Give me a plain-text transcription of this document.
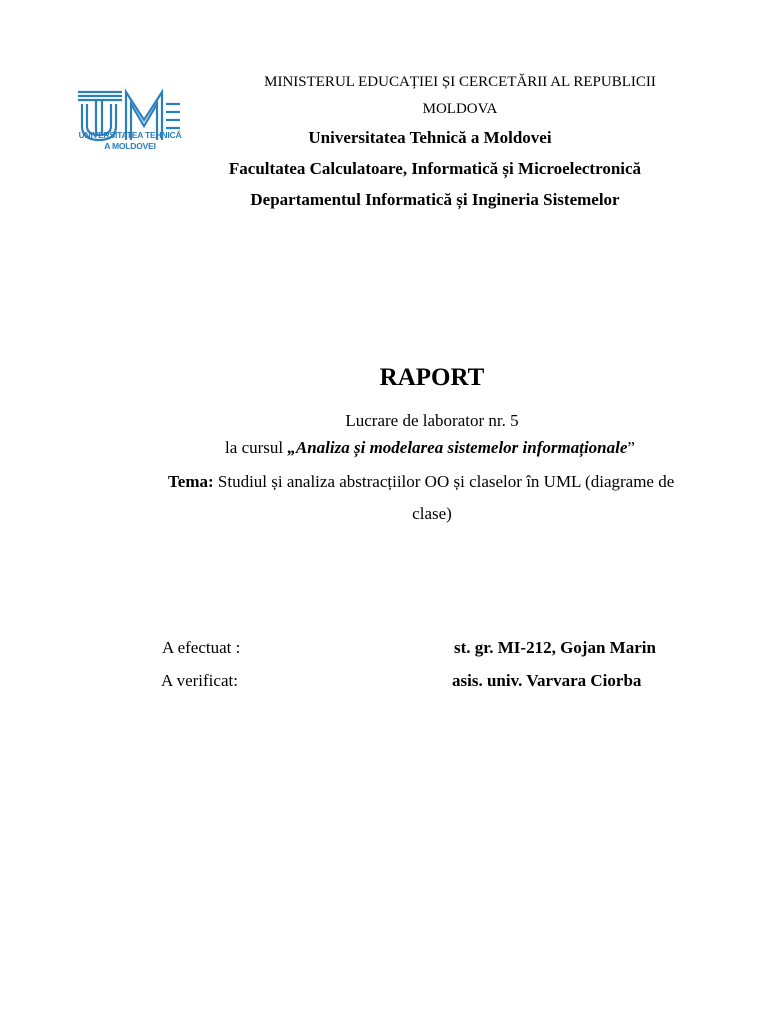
UNIVERSITATEA TEHNICĂ
A MOLDOVEI
MINISTERUL EDUCAȚIEI ȘI CERCETĂRII AL REPUBLICII
MOLDOVA
Universitatea Tehnică a Moldovei
Facultatea Calculatoare, Informatică și Microelectronică
Departamentul Informatică și Ingineria Sistemelor
RAPORT
Lucrare de laborator nr. 5
la cursul „Analiza și modelarea sistemelor informaționale”
Tema: Studiul și analiza abstracțiilor OO și claselor în UML (diagrame de
clase)
A efectuat :	st. gr. MI-212, Gojan Marin
A verificat:	asis. univ. Varvara Ciorba
